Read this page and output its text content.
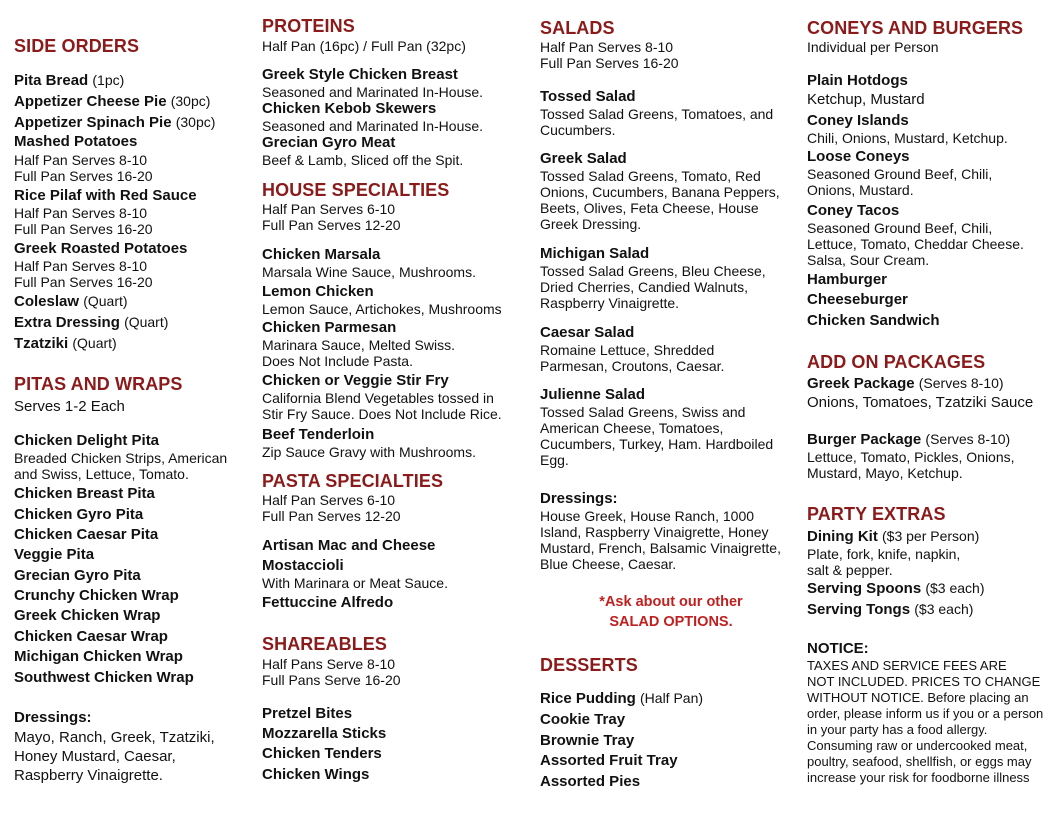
SIDE ORDERS
Pita Bread (1pc)
Appetizer Cheese Pie (30pc)
Appetizer Spinach Pie (30pc)
Mashed Potatoes
Half Pan Serves 8-10
Full Pan Serves 16-20
Rice Pilaf with Red Sauce
Half Pan Serves 8-10
Full Pan Serves 16-20
Greek Roasted Potatoes
Half Pan Serves 8-10
Full Pan Serves 16-20
Coleslaw (Quart)
Extra Dressing (Quart)
Tzatziki (Quart)
PITAS AND WRAPS
Serves 1-2 Each
Chicken Delight Pita
Breaded Chicken Strips, American
and Swiss, Lettuce, Tomato.
Chicken Breast Pita
Chicken Gyro Pita
Chicken Caesar Pita
Veggie Pita
Grecian Gyro Pita
Crunchy Chicken Wrap
Greek Chicken Wrap
Chicken Caesar Wrap
Michigan Chicken Wrap
Southwest Chicken Wrap
Dressings:
Mayo, Ranch, Greek, Tzatziki,
Honey Mustard, Caesar,
Raspberry Vinaigrette.
PROTEINS
Half Pan (16pc) / Full Pan (32pc)
Greek Style Chicken Breast
Seasoned and Marinated In-House.
Chicken Kebob Skewers
Seasoned and Marinated In-House.
Grecian Gyro Meat
Beef & Lamb, Sliced off the Spit.
HOUSE SPECIALTIES
Half Pan Serves 6-10
Full Pan Serves 12-20
Chicken Marsala
Marsala Wine Sauce, Mushrooms.
Lemon Chicken
Lemon Sauce, Artichokes, Mushrooms
Chicken Parmesan
Marinara Sauce, Melted Swiss.
Does Not Include Pasta.
Chicken or Veggie Stir Fry
California Blend Vegetables tossed in
Stir Fry Sauce. Does Not Include Rice.
Beef Tenderloin
Zip Sauce Gravy with Mushrooms.
PASTA SPECIALTIES
Half Pan Serves 6-10
Full Pan Serves 12-20
Artisan Mac and Cheese
Mostaccioli
With Marinara or Meat Sauce.
Fettuccine Alfredo
SHAREABLES
Half Pans Serve 8-10
Full Pans Serve 16-20
Pretzel Bites
Mozzarella Sticks
Chicken Tenders
Chicken Wings
SALADS
Half Pan Serves 8-10
Full Pan Serves 16-20
Tossed Salad
Tossed Salad Greens, Tomatoes, and
Cucumbers.
Greek Salad
Tossed Salad Greens, Tomato, Red
Onions, Cucumbers, Banana Peppers,
Beets, Olives, Feta Cheese, House
Greek Dressing.
Michigan Salad
Tossed Salad Greens, Bleu Cheese,
Dried Cherries, Candied Walnuts,
Raspberry Vinaigrette.
Caesar Salad
Romaine Lettuce, Shredded
Parmesan, Croutons, Caesar.
Julienne Salad
Tossed Salad Greens, Swiss and
American Cheese, Tomatoes,
Cucumbers, Turkey, Ham. Hardboiled
Egg.
Dressings:
House Greek, House Ranch, 1000
Island, Raspberry Vinaigrette, Honey
Mustard, French, Balsamic Vinaigrette,
Blue Cheese, Caesar.
*Ask about our other
SALAD OPTIONS.
DESSERTS
Rice Pudding (Half Pan)
Cookie Tray
Brownie Tray
Assorted Fruit Tray
Assorted Pies
CONEYS AND BURGERS
Individual per Person
Plain Hotdogs
Ketchup, Mustard
Coney Islands
Chili, Onions, Mustard, Ketchup.
Loose Coneys
Seasoned Ground Beef, Chili,
Onions, Mustard.
Coney Tacos
Seasoned Ground Beef, Chili,
Lettuce, Tomato, Cheddar Cheese.
Salsa, Sour Cream.
Hamburger
Cheeseburger
Chicken Sandwich
ADD ON PACKAGES
Greek Package (Serves 8-10)
Onions, Tomatoes, Tzatziki Sauce
Burger Package (Serves 8-10)
Lettuce, Tomato, Pickles, Onions,
Mustard, Mayo, Ketchup.
PARTY EXTRAS
Dining Kit ($3 per Person)
Plate, fork, knife, napkin,
salt & pepper.
Serving Spoons ($3 each)
Serving Tongs ($3 each)
NOTICE:
TAXES AND SERVICE FEES ARE
NOT INCLUDED. PRICES TO CHANGE
WITHOUT NOTICE. Before placing an
order, please inform us if you or a person
in your party has a food allergy.
Consuming raw or undercooked meat,
poultry, seafood, shellfish, or eggs may
increase your risk for foodborne illness
